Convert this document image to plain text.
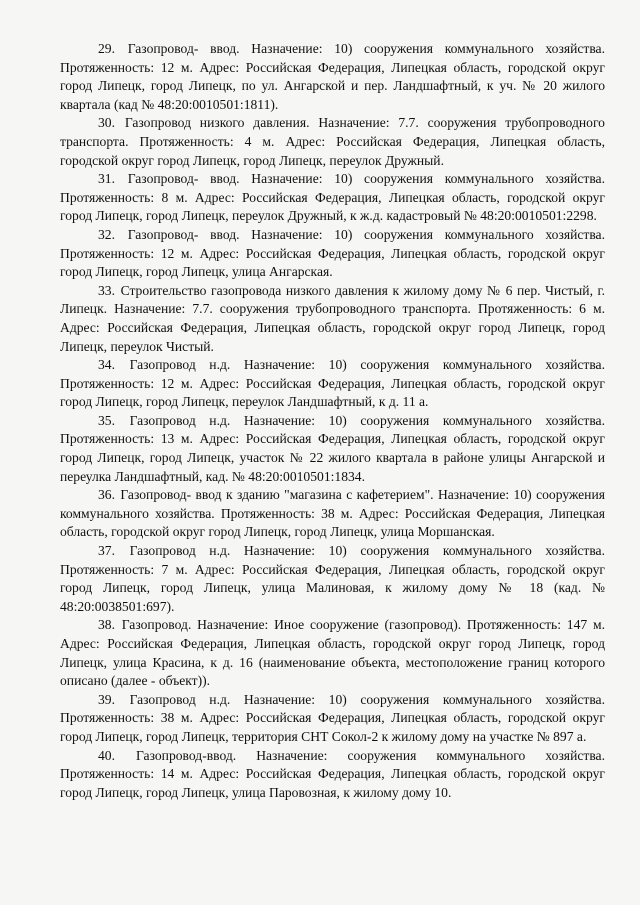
29. Газопровод- ввод. Назначение: 10) сооружения коммунального хозяйства. Протяженность: 12 м. Адрес: Российская Федерация, Липецкая область, городской округ город Липецк, город Липецк, по ул. Ангарской и пер. Ландшафтный, к уч. № 20 жилого квартала (кад № 48:20:0010501:1811).

30. Газопровод низкого давления. Назначение: 7.7. сооружения трубопроводного транспорта. Протяженность: 4 м. Адрес: Российская Федерация, Липецкая область, городской округ город Липецк, город Липецк, переулок Дружный.

31. Газопровод- ввод. Назначение: 10) сооружения коммунального хозяйства. Протяженность: 8 м. Адрес: Российская Федерация, Липецкая область, городской округ город Липецк, город Липецк, переулок Дружный, к ж.д. кадастровый № 48:20:0010501:2298.

32. Газопровод- ввод. Назначение: 10) сооружения коммунального хозяйства. Протяженность: 12 м. Адрес: Российская Федерация, Липецкая область, городской округ город Липецк, город Липецк, улица Ангарская.

33. Строительство газопровода низкого давления к жилому дому № 6 пер. Чистый, г. Липецк. Назначение: 7.7. сооружения трубопроводного транспорта. Протяженность: 6 м. Адрес: Российская Федерация, Липецкая область, городской округ город Липецк, город Липецк, переулок Чистый.

34. Газопровод н.д. Назначение: 10) сооружения коммунального хозяйства. Протяженность: 12 м. Адрес: Российская Федерация, Липецкая область, городской округ город Липецк, город Липецк, переулок Ландшафтный, к д. 11 а.

35. Газопровод н.д. Назначение: 10) сооружения коммунального хозяйства. Протяженность: 13 м. Адрес: Российская Федерация, Липецкая область, городской округ город Липецк, город Липецк, участок № 22 жилого квартала в районе улицы Ангарской и переулка Ландшафтный, кад. № 48:20:0010501:1834.

36. Газопровод- ввод к зданию "магазина с кафетерием". Назначение: 10) сооружения коммунального хозяйства. Протяженность: 38 м. Адрес: Российская Федерация, Липецкая область, городской округ город Липецк, город Липецк, улица Моршанская.

37. Газопровод н.д. Назначение: 10) сооружения коммунального хозяйства. Протяженность: 7 м. Адрес: Российская Федерация, Липецкая область, городской округ город Липецк, город Липецк, улица Малиновая, к жилому дому № 18 (кад. № 48:20:0038501:697).

38. Газопровод. Назначение: Иное сооружение (газопровод). Протяженность: 147 м. Адрес: Российская Федерация, Липецкая область, городской округ город Липецк, город Липецк, улица Красина, к д. 16 (наименование объекта, местоположение границ которого описано (далее - объект)).

39. Газопровод н.д. Назначение: 10) сооружения коммунального хозяйства. Протяженность: 38 м. Адрес: Российская Федерация, Липецкая область, городской округ город Липецк, город Липецк, территория СНТ Сокол-2 к жилому дому на участке № 897 а.

40. Газопровод-ввод. Назначение: сооружения коммунального хозяйства. Протяженность: 14 м. Адрес: Российская Федерация, Липецкая область, городской округ город Липецк, город Липецк, улица Паровозная, к жилому дому 10.
